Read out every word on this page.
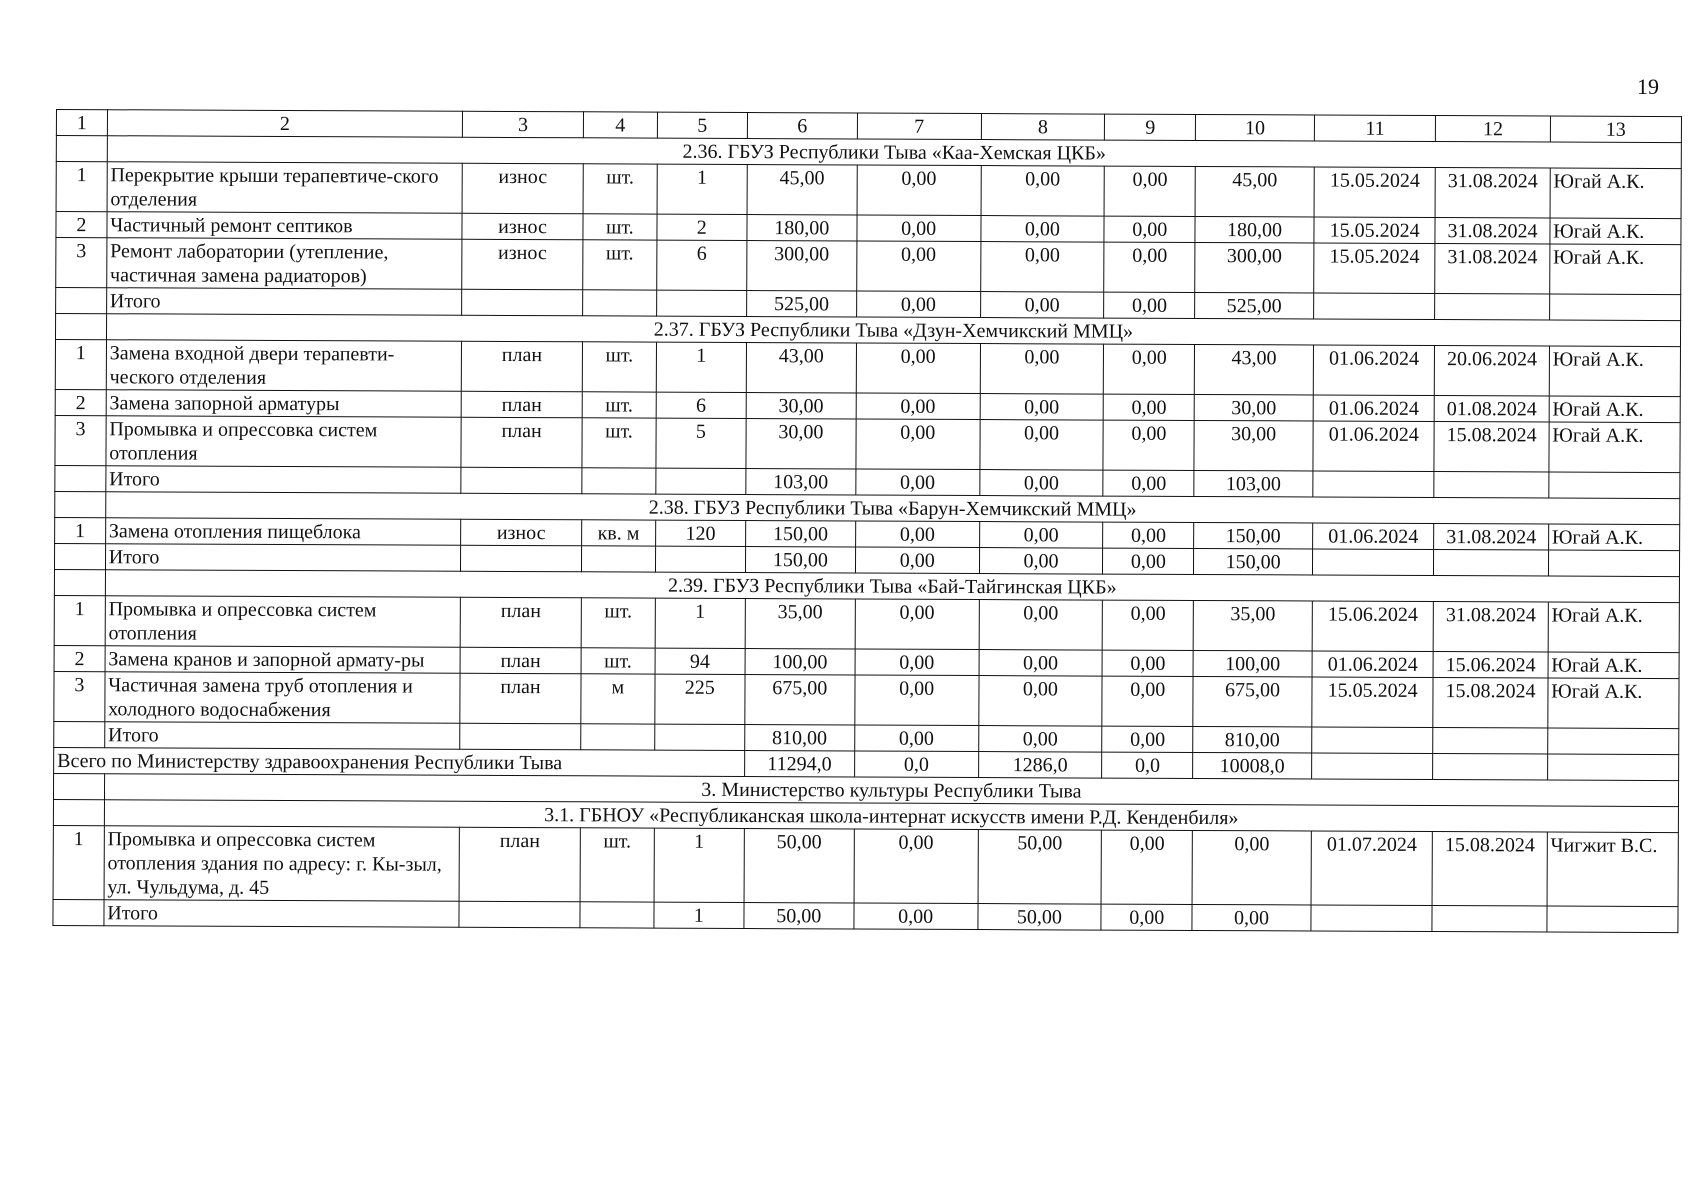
19
1	2	3	4	5	6	7	8	9	10	11	12	13
	2.36. ГБУЗ Республики Тыва «Каа-Хемская ЦКБ»											
1	Перекрытие крыши терапевтиче-ского отделения	износ	шт.	1	45,00	0,00	0,00	0,00	45,00	15.05.2024	31.08.2024	Югай А.К.
2	Частичный ремонт септиков	износ	шт.	2	180,00	0,00	0,00	0,00	180,00	15.05.2024	31.08.2024	Югай А.К.
3	Ремонт лаборатории (утепление, частичная замена радиаторов)	износ	шт.	6	300,00	0,00	0,00	0,00	300,00	15.05.2024	31.08.2024	Югай А.К.
	Итого				525,00	0,00	0,00	0,00	525,00			
	2.37. ГБУЗ Республики Тыва «Дзун-Хемчикский ММЦ»											
1	Замена входной двери терапевти-ческого отделения	план	шт.	1	43,00	0,00	0,00	0,00	43,00	01.06.2024	20.06.2024	Югай А.К.
2	Замена запорной арматуры	план	шт.	6	30,00	0,00	0,00	0,00	30,00	01.06.2024	01.08.2024	Югай А.К.
3	Промывка и опрессовка систем отопления	план	шт.	5	30,00	0,00	0,00	0,00	30,00	01.06.2024	15.08.2024	Югай А.К.
	Итого				103,00	0,00	0,00	0,00	103,00			
	2.38. ГБУЗ Республики Тыва «Барун-Хемчикский ММЦ»											
1	Замена отопления пищеблока	износ	кв. м	120	150,00	0,00	0,00	0,00	150,00	01.06.2024	31.08.2024	Югай А.К.
	Итого				150,00	0,00	0,00	0,00	150,00			
	2.39. ГБУЗ Республики Тыва «Бай-Тайгинская ЦКБ»											
1	Промывка и опрессовка систем отопления	план	шт.	1	35,00	0,00	0,00	0,00	35,00	15.06.2024	31.08.2024	Югай А.К.
2	Замена кранов и запорной армату-ры	план	шт.	94	100,00	0,00	0,00	0,00	100,00	01.06.2024	15.06.2024	Югай А.К.
3	Частичная замена труб отопления и холодного водоснабжения	план	м	225	675,00	0,00	0,00	0,00	675,00	15.05.2024	15.08.2024	Югай А.К.
	Итого				810,00	0,00	0,00	0,00	810,00			
Всего по Министерству здравоохранения Республики Тыва					11294,0	0,0	1286,0	0,0	10008,0			
	3. Министерство культуры Республики Тыва											
	3.1. ГБНОУ «Республиканская школа-интернат искусств имени Р.Д. Кенденбиля»											
1	Промывка и опрессовка систем отопления здания по адресу: г. Кы-зыл, ул. Чульдума, д. 45	план	шт.	1	50,00	0,00	50,00	0,00	0,00	01.07.2024	15.08.2024	Чигжит В.С.
	Итого			1	50,00	0,00	50,00	0,00	0,00			
